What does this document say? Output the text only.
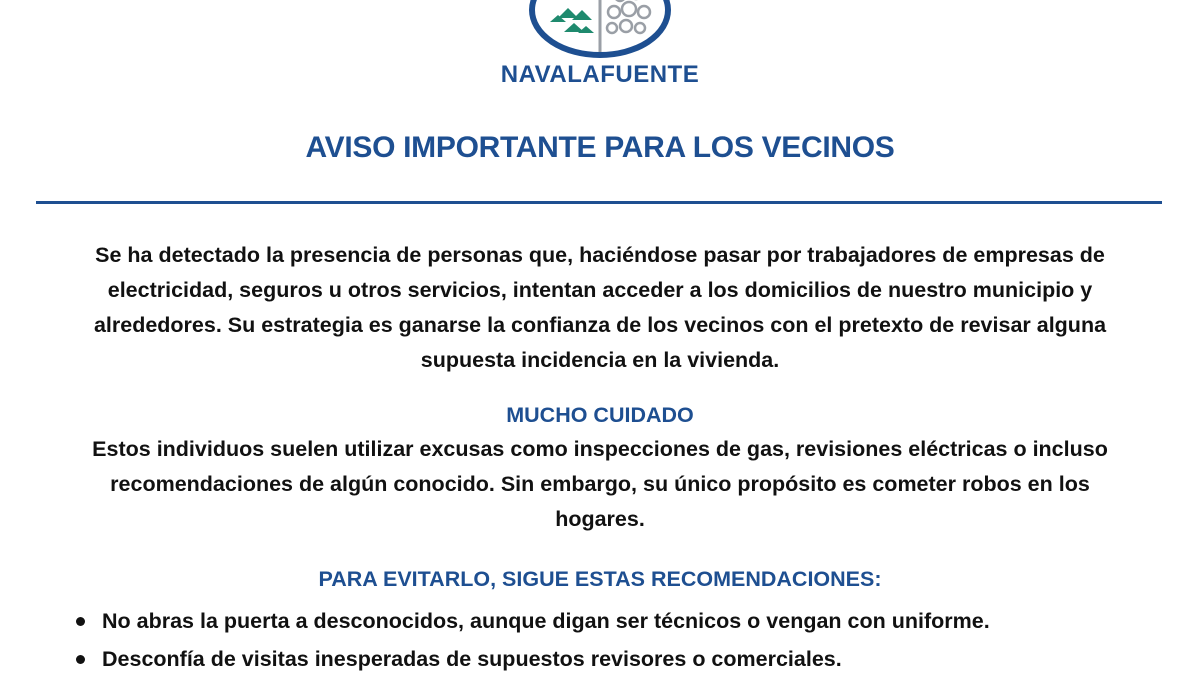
NAVALAFUENTE
AVISO IMPORTANTE PARA LOS VECINOS

Se ha detectado la presencia de personas que, haciéndose pasar por trabajadores de empresas de electricidad, seguros u otros servicios, intentan acceder a los domicilios de nuestro municipio y alrededores. Su estrategia es ganarse la confianza de los vecinos con el pretexto de revisar alguna supuesta incidencia en la vivienda.

MUCHO CUIDADO

Estos individuos suelen utilizar excusas como inspecciones de gas, revisiones eléctricas o incluso recomendaciones de algún conocido. Sin embargo, su único propósito es cometer robos en los hogares.

PARA EVITARLO, SIGUE ESTAS RECOMENDACIONES:
No abras la puerta a desconocidos, aunque digan ser técnicos o vengan con uniforme.
Desconfía de visitas inesperadas de supuestos revisores o comerciales.
